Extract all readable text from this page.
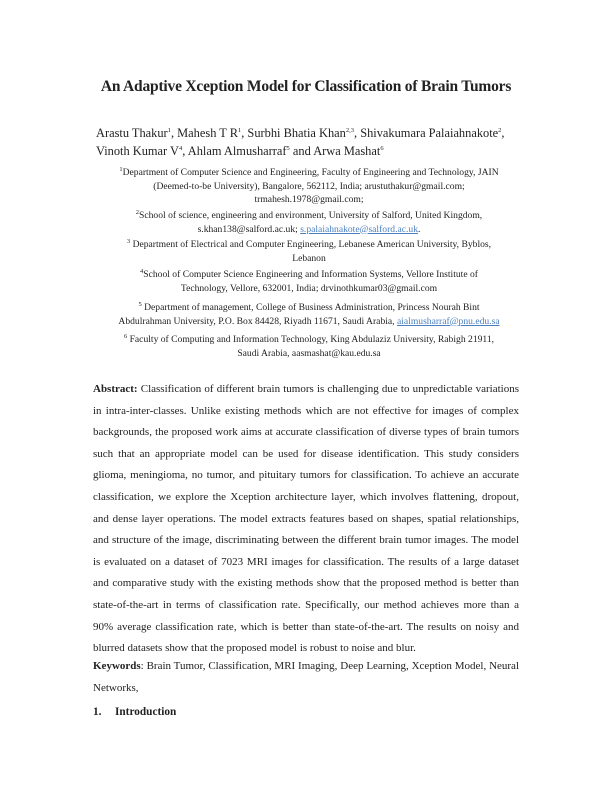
An Adaptive Xception Model for Classification of Brain Tumors
Arastu Thakur$^1$, Mahesh T $R^1$, Surbhi Bhatia Khan$^{2,3}$, Shivakumara Palaiahnakote$^2$,
Vinoth Kumar $V^4$, Ahlam Almusharraf$^5$ and Arwa Mashat$^6$
$^1$Department of Computer Science and Engineering, Faculty of Engineering and Technology, JAIN
(Deemed-to-be University), Bangalore, 562112, India; arustuthakur@gmail.com;
trmahesh.1978@gmail.com;
$^2$School of science, engineering and environment, University of Salford, United Kingdom,
s.khan138@salford.ac.uk; s.palaiahnakote@salford.ac.uk.
$^3$ Department of Electrical and Computer Engineering, Lebanese American University, Byblos,
Lebanon
$^4$School of Computer Science Engineering and Information Systems, Vellore Institute of
Technology, Vellore, 632001, India; drvinothkumar03@gmail.com
$^5$ Department of management, College of Business Administration, Princess Nourah Bint
Abdulrahman University, P.O. Box 84428, Riyadh 11671, Saudi Arabia, aialmusharraf@pnu.edu.sa
$^6$ Faculty of Computing and Information Technology, King Abdulaziz University, Rabigh 21911,
Saudi Arabia, aasmashat@kau.edu.sa
Abstract: Classification of different brain tumors is challenging due to unpredictable variations in intra-inter-classes. Unlike existing methods which are not effective for images of complex backgrounds, the proposed work aims at accurate classification of diverse types of brain tumors such that an appropriate model can be used for disease identification. This study considers glioma, meningioma, no tumor, and pituitary tumors for classification. To achieve an accurate classification, we explore the Xception architecture layer, which involves flattening, dropout, and dense layer operations. The model extracts features based on shapes, spatial relationships, and structure of the image, discriminating between the different brain tumor images. The model is evaluated on a dataset of 7023 MRI images for classification. The results of a large dataset and comparative study with the existing methods show that the proposed method is better than state-of-the-art in terms of classification rate. Specifically, our method achieves more than a 90% average classification rate, which is better than state-of-the-art. The results on noisy and blurred datasets show that the proposed model is robust to noise and blur.
Keywords: Brain Tumor, Classification, MRI Imaging, Deep Learning, Xception Model, Neural Networks,
1. Introduction
